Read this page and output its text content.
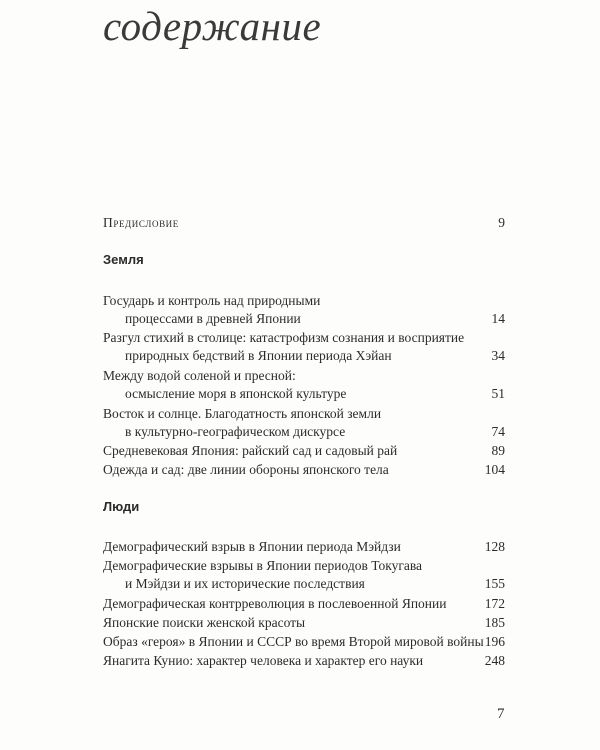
содержание
Предисловие	9
Земля
Государь и контроль над природными
процессами в древней Японии	14
Разгул стихий в столице: катастрофизм сознания и восприятие
природных бедствий в Японии периода Хэйан	34
Между водой соленой и пресной:
осмысление моря в японской культуре	51
Восток и солнце. Благодатность японской земли
в культурно-географическом дискурсе	74
Средневековая Япония: райский сад и садовый рай	89
Одежда и сад: две линии обороны японского тела	104
Люди
Демографический взрыв в Японии периода Мэйдзи	128
Демографические взрывы в Японии периодов Токугава
и Мэйдзи и их исторические последствия	155
Демографическая контрреволюция в послевоенной Японии	172
Японские поиски женской красоты	185
Образ «героя» в Японии и СССР во время Второй мировой войны 196
Янагита Кунио: характер человека и характер его науки	248
7
